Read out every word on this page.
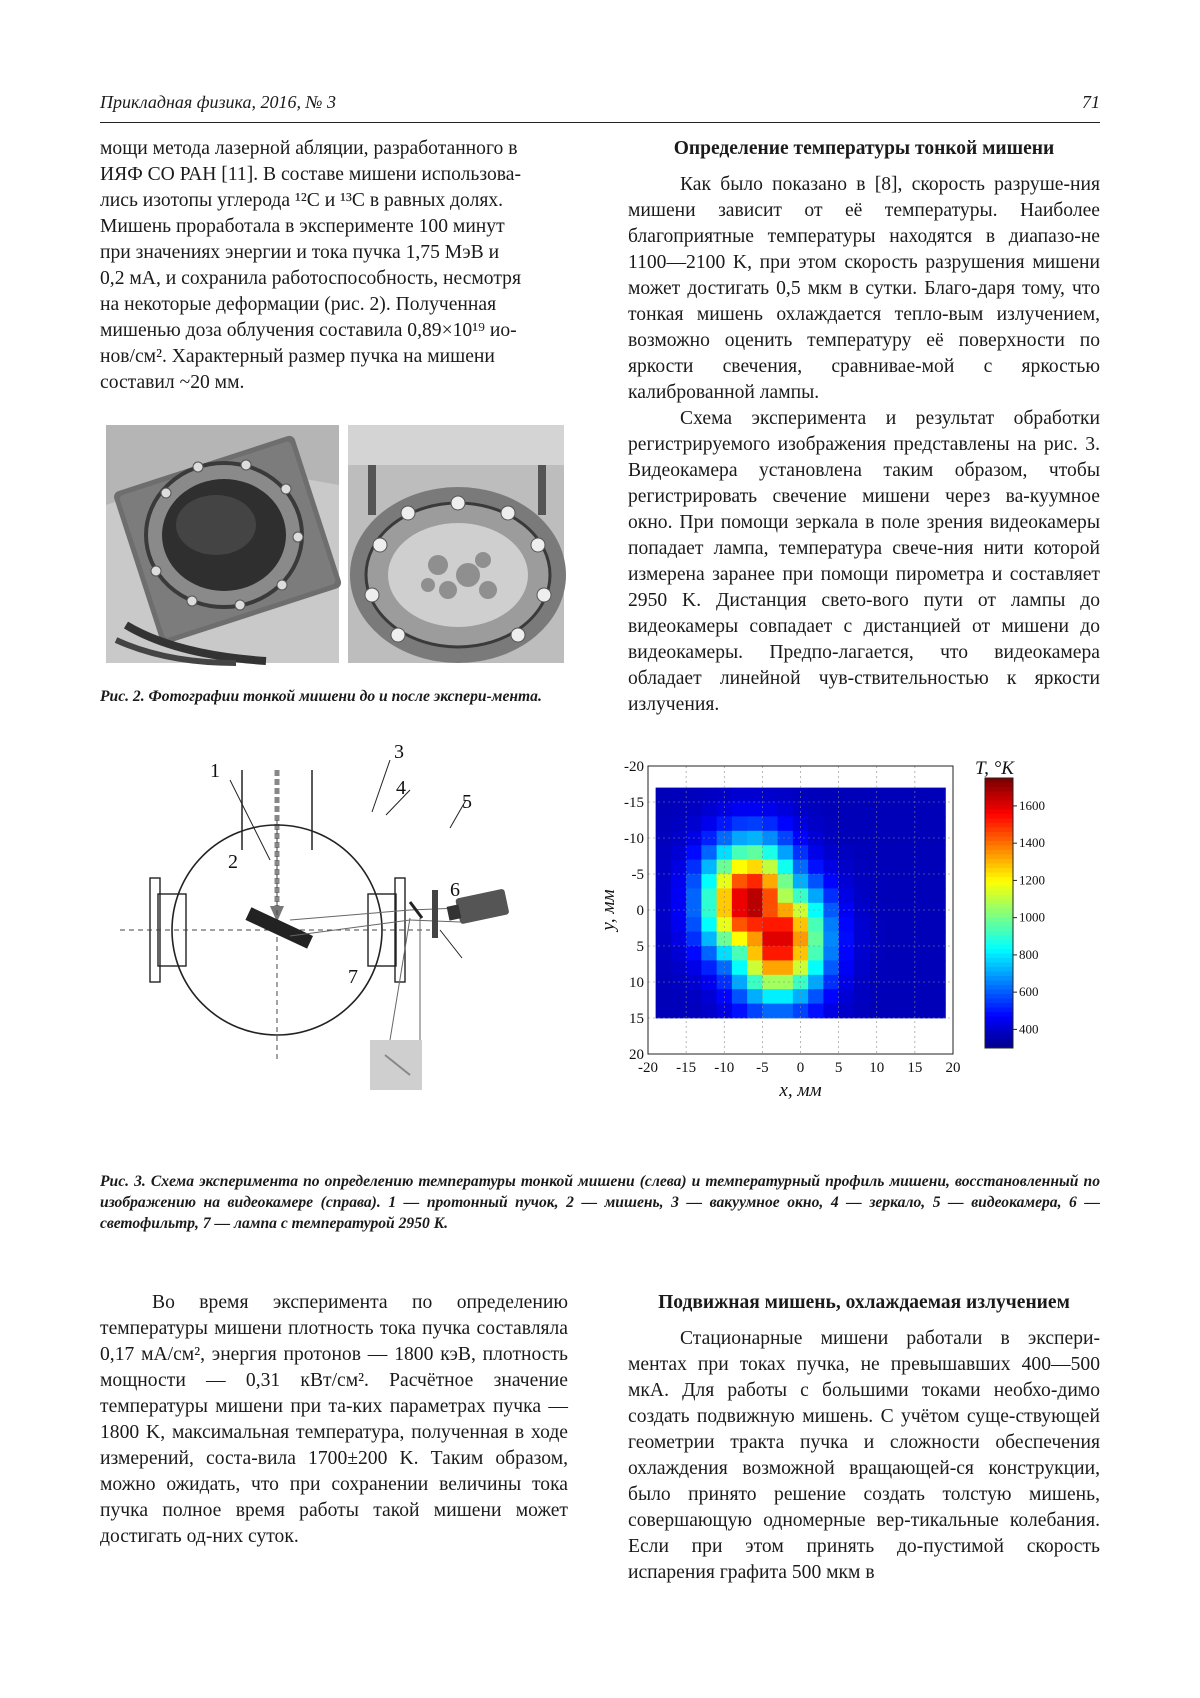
Прикладная физика, 2016, № 3	71
мощи метода лазерной абляции, разработанного в
ИЯФ СО РАН [11]. В составе мишени использова-
лись изотопы углерода ¹²C и ¹³C в равных долях.
Мишень проработала в эксперименте 100 минут
при значениях энергии и тока пучка 1,75 МэВ и
0,2 мА, и сохранила работоспособность, несмотря
на некоторые деформации (рис. 2). Полученная
мишенью доза облучения составила 0,89×10¹⁹ ио-
нов/см². Характерный размер пучка на мишени
составил ~20 мм.
Рис. 2. Фотографии тонкой мишени до и после экспери-мента.
Определение температуры тонкой мишени

Как было показано в [8], скорость разруше-ния мишени зависит от её температуры. Наиболее благоприятные температуры находятся в диапазо-не 1100—2100 K, при этом скорость разрушения мишени может достигать 0,5 мкм в сутки. Благо-даря тому, что тонкая мишень охлаждается тепло-вым излучением, возможно оценить температуру её поверхности по яркости свечения, сравнивае-мой с яркостью калиброванной лампы.

Схема эксперимента и результат обработки регистрируемого изображения представлены на рис. 3. Видеокамера установлена таким образом, чтобы регистрировать свечение мишени через ва-куумное окно. При помощи зеркала в поле зрения видеокамеры попадает лампа, температура свече-ния нити которой измерена заранее при помощи пирометра и составляет 2950 K. Дистанция свето-вого пути от лампы до видеокамеры совпадает с дистанцией от мишени до видеокамеры. Предпо-лагается, что видеокамера обладает линейной чув-ствительностью к яркости излучения.

1
2
3
4
5
6
7
-20 -15 -10 -5 0 5 10 15 20
-20
-15
-10
-5
0
5
10
15
20
x, мм
y, мм
1600
1400
1200
1000
800
600
400
T, °K
Рис. 3. Схема эксперимента по определению температуры тонкой мишени (слева) и температурный профиль мишени, восстановленный по изображению на видеокамере (справа). 1 — протонный пучок, 2 — мишень, 3 — вакуумное окно, 4 — зеркало, 5 — видеокамера, 6 — светофильтр, 7 — лампа с температурой 2950 K.

Во время эксперимента по определению температуры мишени плотность тока пучка составляла 0,17 мА/см², энергия протонов — 1800 кэВ, плотность мощности — 0,31 кВт/см². Расчётное значение температуры мишени при та-ких параметрах пучка — 1800 K, максимальная температура, полученная в ходе измерений, соста-вила 1700±200 K. Таким образом, можно ожидать, что при сохранении величины тока пучка полное время работы такой мишени может достигать од-них суток.

Подвижная мишень, охлаждаемая излучением

Стационарные мишени работали в экспери-ментах при токах пучка, не превышавших 400—500 мкА. Для работы с большими токами необхо-димо создать подвижную мишень. С учётом суще-ствующей геометрии тракта пучка и сложности обеспечения охлаждения возможной вращающей-ся конструкции, было принято решение создать толстую мишень, совершающую одномерные вер-тикальные колебания. Если при этом принять до-пустимой скорость испарения графита 500 мкм в
